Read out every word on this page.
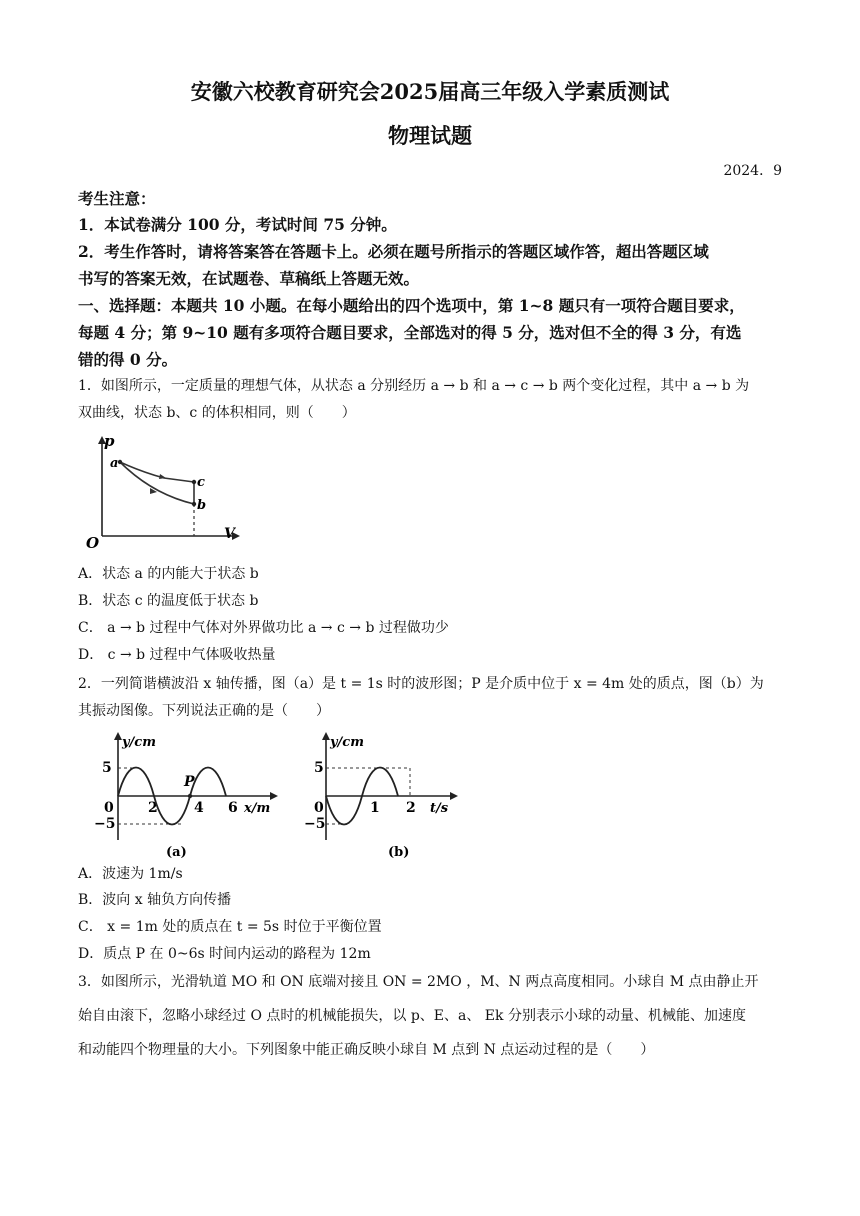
安徽六校教育研究会2025届高三年级入学素质测试
物理试题
2024．9
考生注意：
1．本试卷满分 100 分，考试时间 75 分钟。
2．考生作答时，请将答案答在答题卡上。必须在题号所指示的答题区域作答，超出答题区域
书写的答案无效，在试题卷、草稿纸上答题无效。
一、选择题：本题共 10 小题。在每小题给出的四个选项中，第 1~8 题只有一项符合题目要求，
每题 4 分；第 9~10 题有多项符合题目要求，全部选对的得 5 分，选对但不全的得 3 分，有选
错的得 0 分。
1．如图所示，一定质量的理想气体，从状态 a 分别经历 a → b 和 a → c → b 两个变化过程，其中 a → b 为
双曲线，状态 b、c 的体积相同，则（　　）
p
V
O
a
c
b
A．状态 a 的内能大于状态 b
B．状态 c 的温度低于状态 b
C． a → b 过程中气体对外界做功比 a → c → b 过程做功少
D． c → b 过程中气体吸收热量
2．一列简谐横波沿 x 轴传播，图（a）是 t = 1s 时的波形图；P 是介质中位于 x = 4m 处的质点，图（b）为
其振动图像。下列说法正确的是（　　）
y/cm
x/m
5
−5
0 2	4 6
P
(a)
y/cm
t/s
5
−5
0	1 2
(b)
A．波速为 1m/s
B．波向 x 轴负方向传播
C． x = 1m 处的质点在 t = 5s 时位于平衡位置
D．质点 P 在 0~6s 时间内运动的路程为 12m
3．如图所示，光滑轨道 MO 和 ON 底端对接且 ON = 2MO ，M、N 两点高度相同。小球自 M 点由静止开
始自由滚下，忽略小球经过 O 点时的机械能损失，以 p、E、a、 Ek 分别表示小球的动量、机械能、加速度
和动能四个物理量的大小。下列图象中能正确反映小球自 M 点到 N 点运动过程的是（　　）
